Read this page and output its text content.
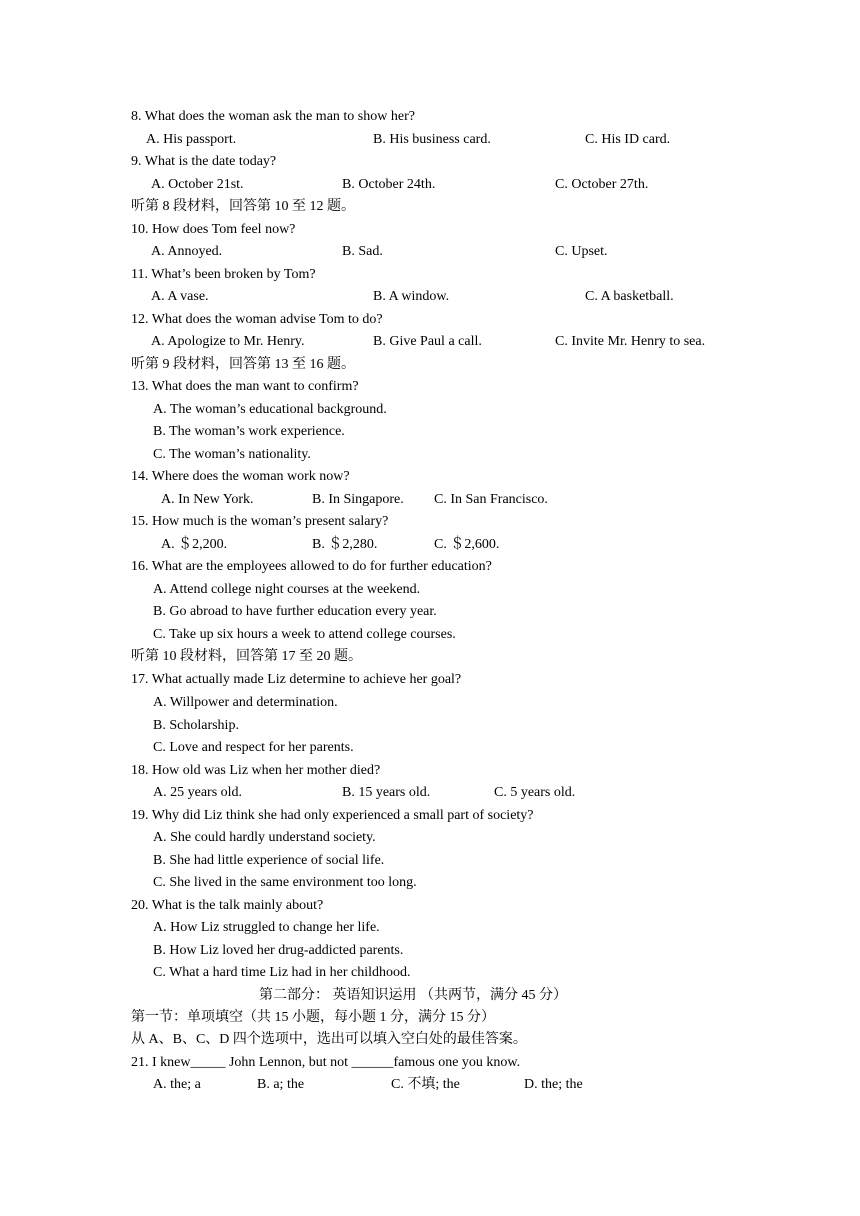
8. What does the woman ask the man to show her?
A. His passport.	B. His business card.	C. His ID card.
9. What is the date today?
A. October 21st.	B. October 24th.	C. October 27th.
听第 8 段材料，回答第 10 至 12 题。
10. How does Tom feel now?
A. Annoyed.	B. Sad.	C. Upset.
11. What’s been broken by Tom?
A. A vase.	B. A window.	C. A basketball.
12. What does the woman advise Tom to do?
A. Apologize to Mr. Henry.	B. Give Paul a call.	C. Invite Mr. Henry to sea.
听第 9 段材料，回答第 13 至 16 题。
13. What does the man want to confirm?
A. The woman’s educational background.
B. The woman’s work experience.
C. The woman’s nationality.
14. Where does the woman work now?
A. In New York.	B. In Singapore. C. In San Francisco.
15. How much is the woman’s present salary?
A. ＄2,200.	B. ＄2,280.	C. ＄2,600.
16. What are the employees allowed to do for further education?
A. Attend college night courses at the weekend.
B. Go abroad to have further education every year.
C. Take up six hours a week to attend college courses.
听第 10 段材料，回答第 17 至 20 题。
17. What actually made Liz determine to achieve her goal?
A. Willpower and determination.
B. Scholarship.
C. Love and respect for her parents.
18. How old was Liz when her mother died?
A. 25 years old.	B. 15 years old.	C. 5 years old.
19. Why did Liz think she had only experienced a small part of society?
A. She could hardly understand society.
B. She had little experience of social life.
C. She lived in the same environment too long.
20. What is the talk mainly about?
A. How Liz struggled to change her life.
B. How Liz loved her drug-addicted parents.
C. What a hard time Liz had in her childhood.
第二部分： 英语知识运用 （共两节，满分 45 分）
第一节：单项填空（共 15 小题，每小题 1 分，满分 15 分）
从 A、B、C、D 四个选项中，选出可以填入空白处的最佳答案。
21. I knew_____ John Lennon, but not ______famous one you know.
A. the; a	B. a; the	C. 不填; the	D. the; the
